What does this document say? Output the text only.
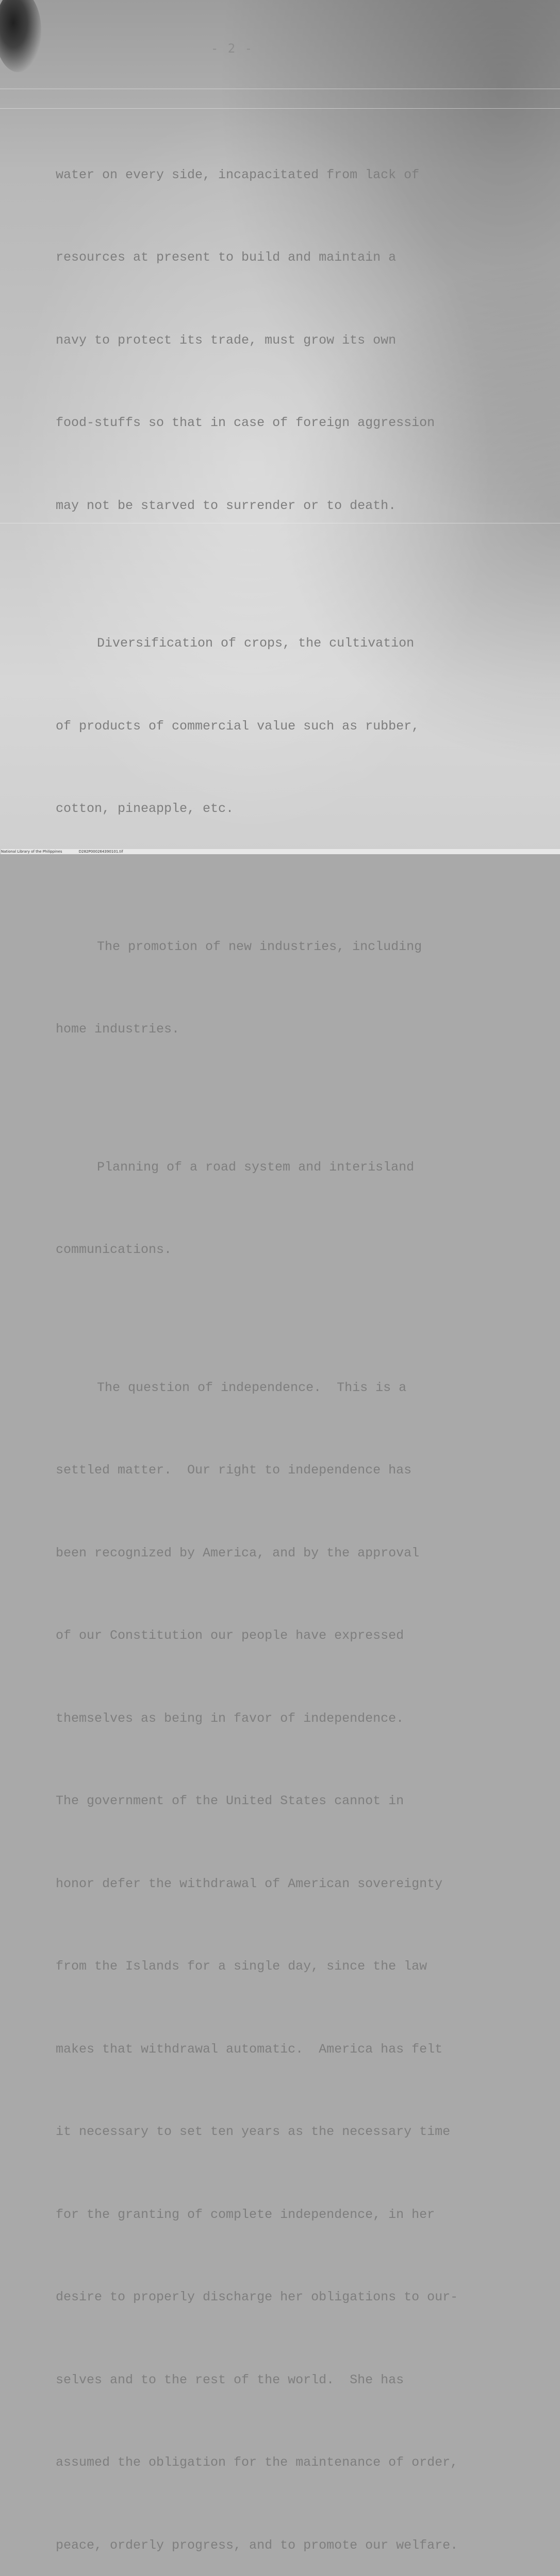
- 2 -

water on every side, incapacitated from lack of

resources at present to build and maintain a

navy to protect its trade, must grow its own

food-stuffs so that in case of foreign aggression

may not be starved to surrender or to death.

Diversification of crops, the cultivation

of products of commercial value such as rubber,

cotton, pineapple, etc.

The promotion of new industries, including

home industries.

Planning of a road system and interisland

communications.

The question of independence.  This is a

settled matter.  Our right to independence has

been recognized by America, and by the approval

of our Constitution our people have expressed

themselves as being in favor of independence.

The government of the United States cannot in

honor defer the withdrawal of American sovereignty

from the Islands for a single day, since the law

makes that withdrawal automatic.  America has felt

it necessary to set ten years as the necessary time

for the granting of complete independence, in her

desire to properly discharge her obligations to our-

selves and to the rest of the world.  She has

assumed the obligation for the maintenance of order,

peace, orderly progress, and to promote our welfare.

National Library of the Philippines	D282P000264390101.tif
